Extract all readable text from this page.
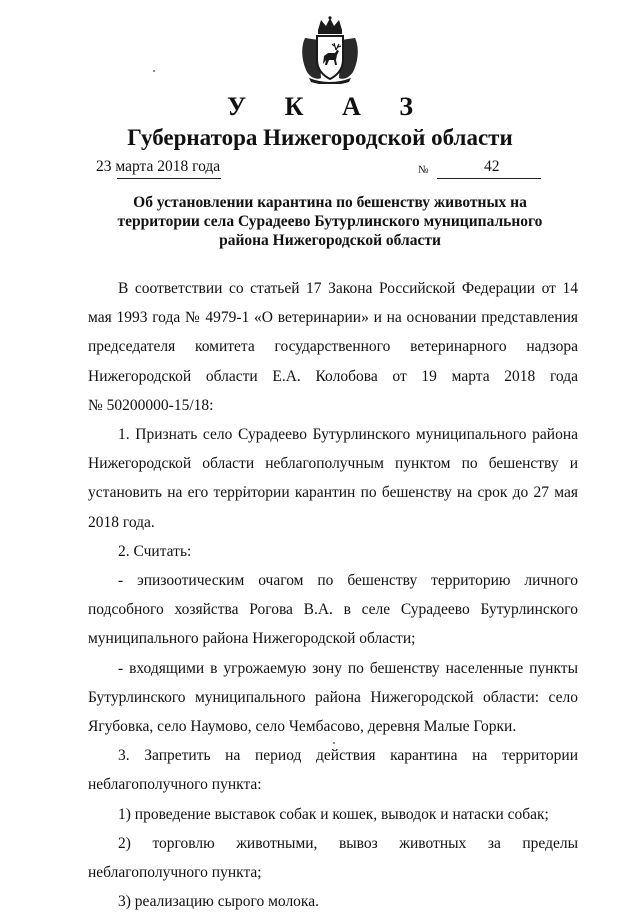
У К А З
Губернатора Нижегородской области
23 марта 2018 года	№	42

Об установлении карантина по бешенству животных на
территории села Сурадеево Бутурлинского муниципального
района Нижегородской области

В соответствии со статьей 17 Закона Российской Федерации от 14

мая 1993 года № 4979-1 «О ветеринарии» и на основании представления

председателя комитета государственного ветеринарного надзора

Нижегородской области Е.А. Колобова от 19 марта 2018 года

№ 50200000-15/18:

1. Признать село Сурадеево Бутурлинского муниципального района

Нижегородской области неблагополучным пунктом по бешенству и

установить на его территории карантин по бешенству на срок до 27 мая

2018 года.

2. Считать:

- эпизоотическим очагом по бешенству территорию личного

подсобного хозяйства Рогова В.А. в селе Сурадеево Бутурлинского

муниципального района Нижегородской области;

- входящими в угрожаемую зону по бешенству населенные пункты

Бутурлинского муниципального района Нижегородской области: село

Ягубовка, село Наумово, село Чембасово, деревня Малые Горки.

3. Запретить на период действия карантина на территории

неблагополучного пункта:

1) проведение выставок собак и кошек, выводок и натаски собак;

2) торговлю животными, вывоз животных за пределы

неблагополучного пункта;

3) реализацию сырого молока.
